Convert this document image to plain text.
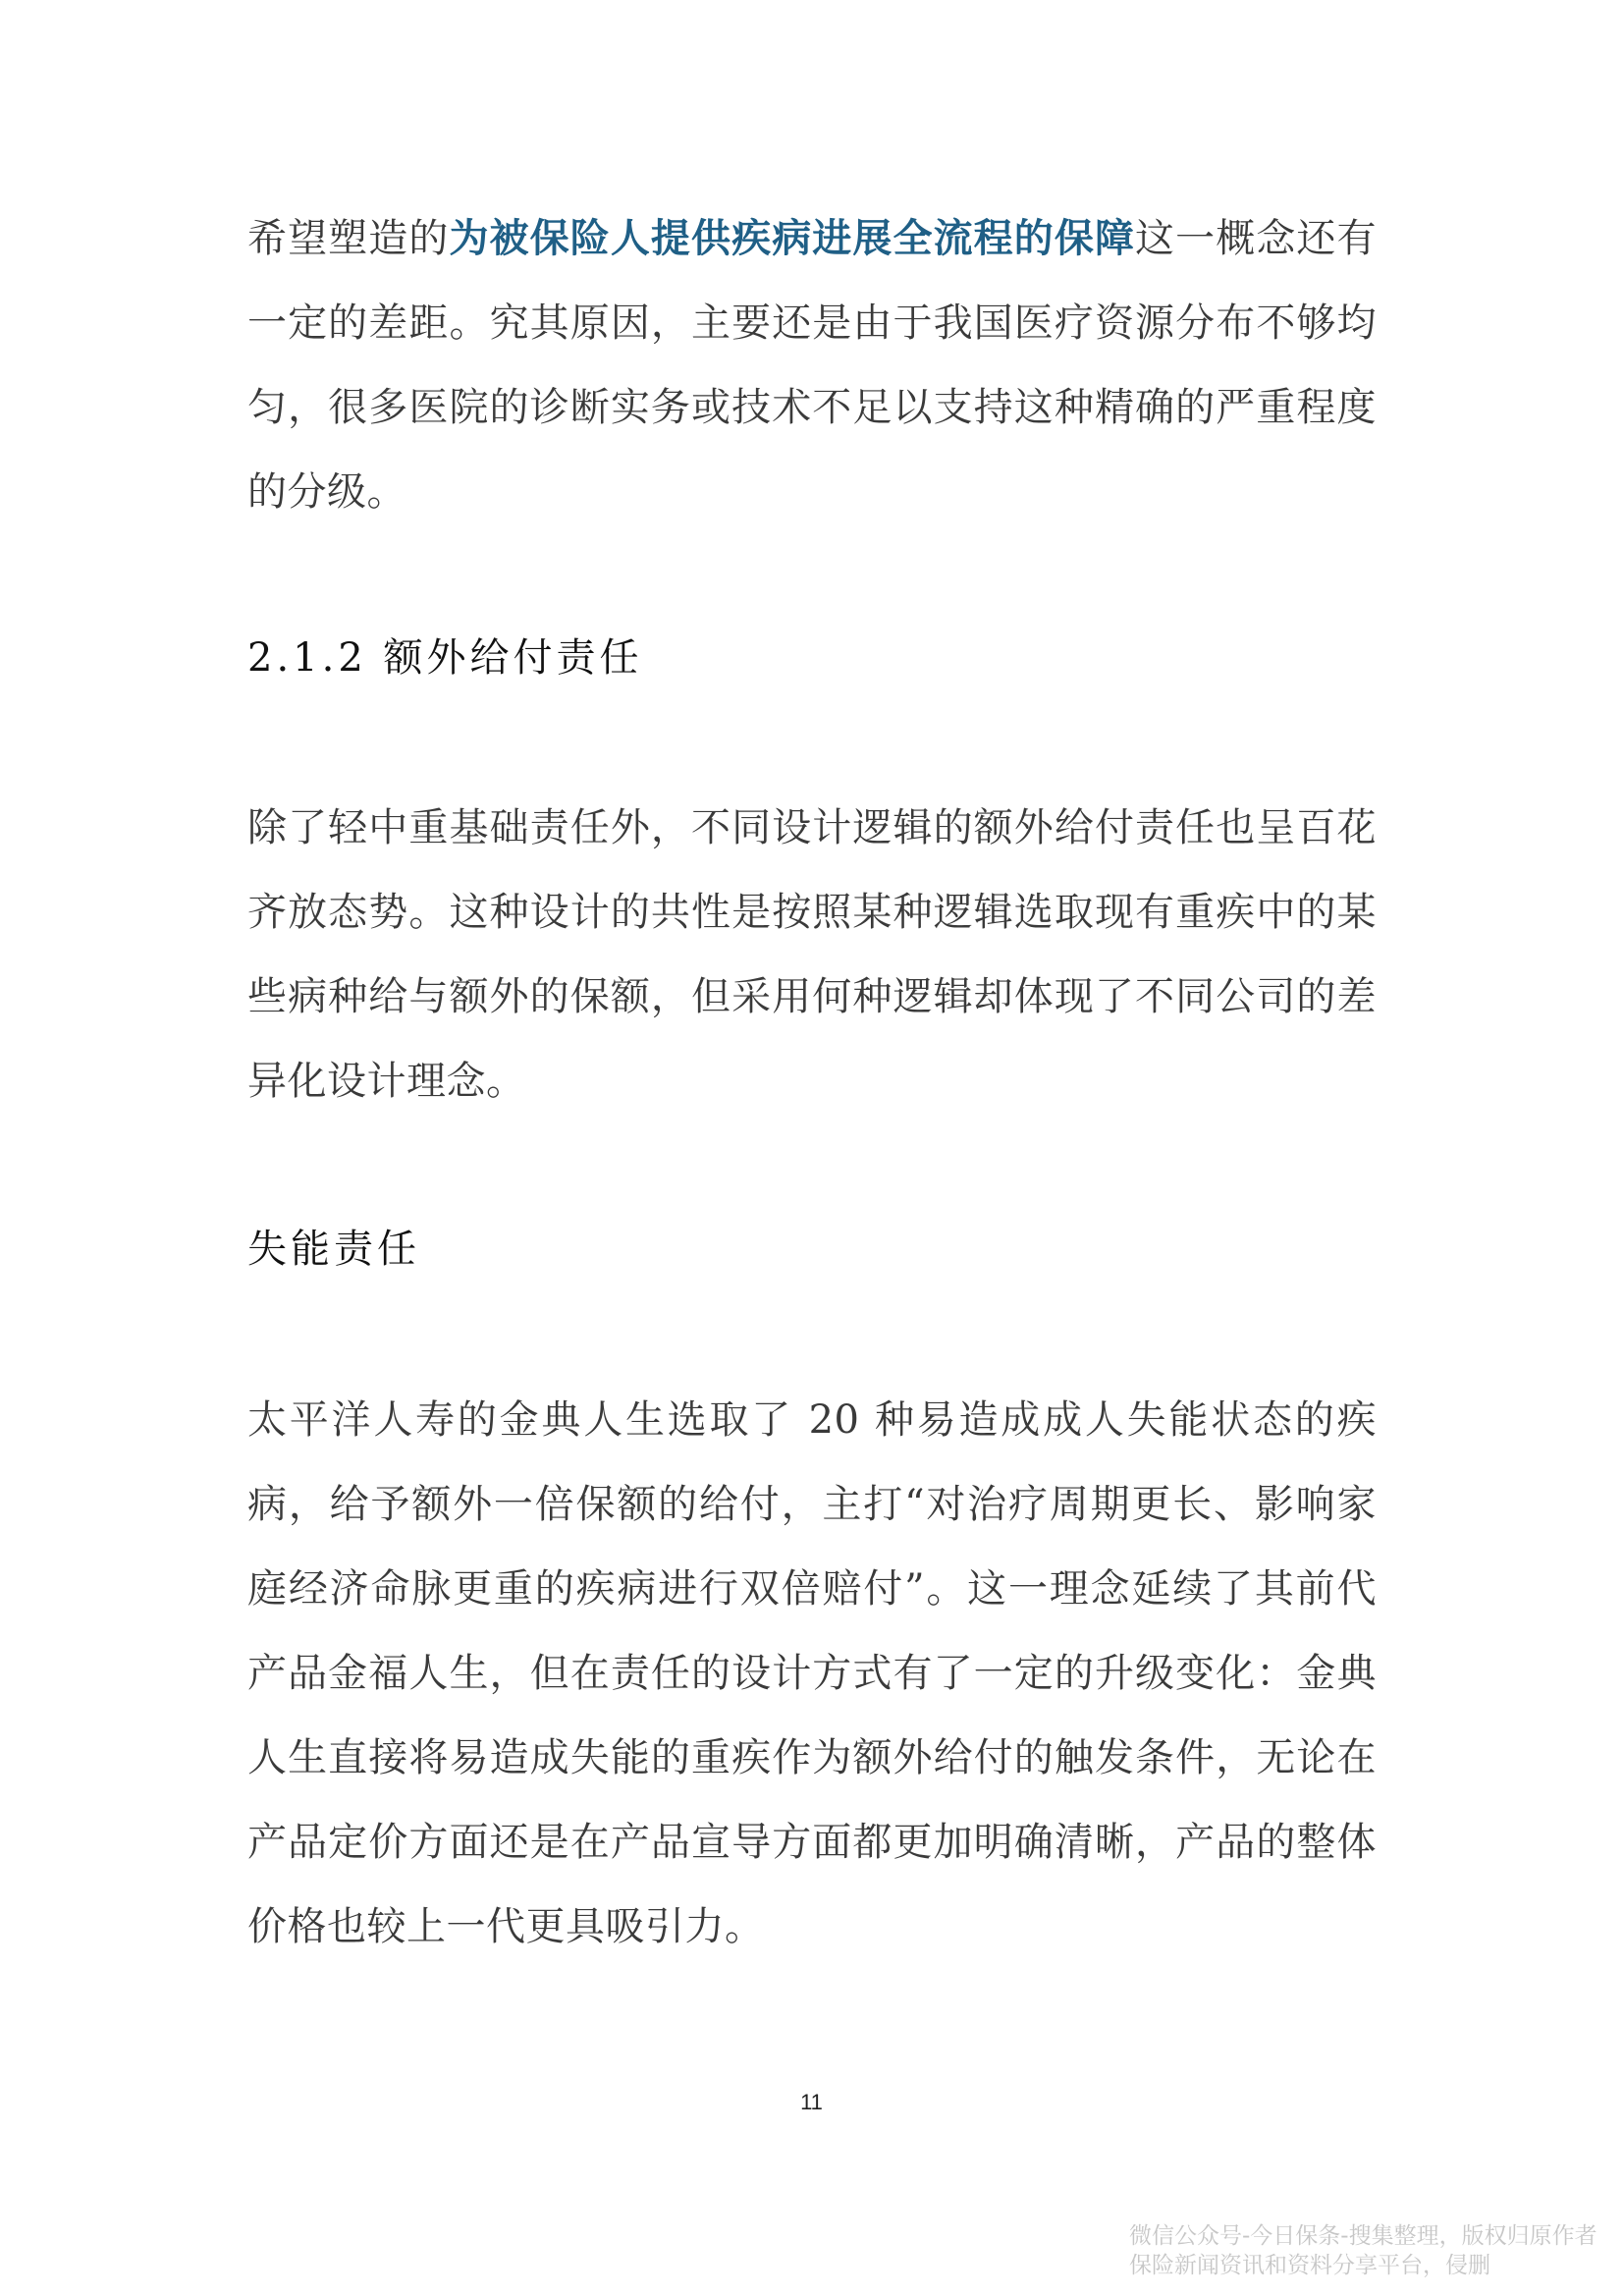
希望塑造的为被保险人提供疾病进展全流程的保障这一概念还有一定的差距。究其原因，主要还是由于我国医疗资源分布不够均匀，很多医院的诊断实务或技术不足以支持这种精确的严重程度的分级。

2.1.2 额外给付责任

除了轻中重基础责任外，不同设计逻辑的额外给付责任也呈百花齐放态势。这种设计的共性是按照某种逻辑选取现有重疾中的某些病种给与额外的保额，但采用何种逻辑却体现了不同公司的差异化设计理念。

失能责任

太平洋人寿的金典人生选取了 20 种易造成成人失能状态的疾病，给予额外一倍保额的给付，主打“对治疗周期更长、影响家庭经济命脉更重的疾病进行双倍赔付”。这一理念延续了其前代产品金福人生，但在责任的设计方式有了一定的升级变化：金典人生直接将易造成失能的重疾作为额外给付的触发条件，无论在产品定价方面还是在产品宣导方面都更加明确清晰，产品的整体价格也较上一代更具吸引力。

11
微信公众号-今日保条-搜集整理，版权归原作者
保险新闻资讯和资料分享平台，侵删
